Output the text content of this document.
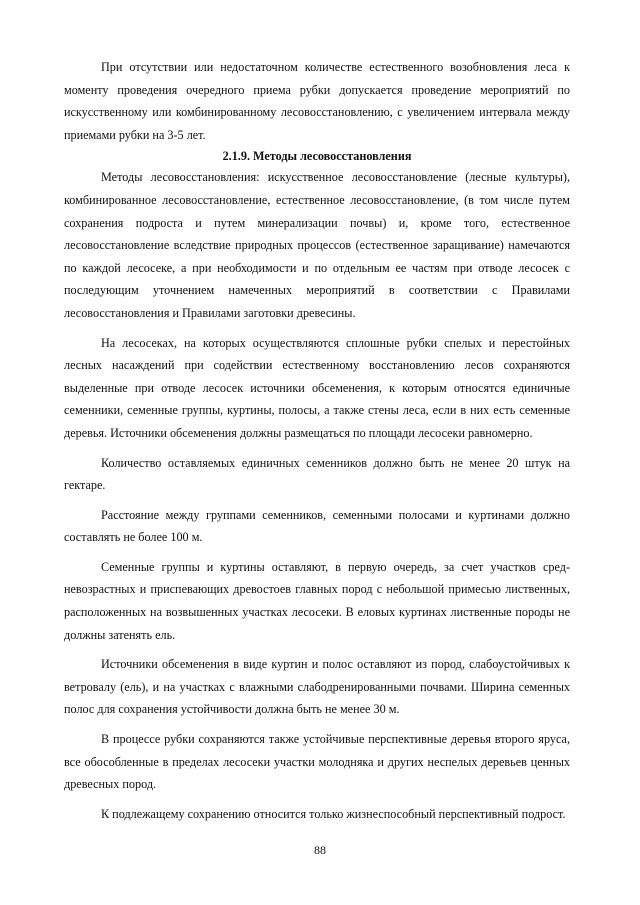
При отсутствии или недостаточном количестве естественного возобновления леса к моменту проведения очередного приема рубки допускается проведение мероприятий по искусственному или комбинированному лесовосстановлению, с увеличением интервала между приемами рубки на 3-5 лет.

2.1.9. Методы лесовосстановления

Методы лесовосстановления: искусственное лесовосстановление (лесные культуры), комбинированное лесовосстановление, естественное лесовосстановление, (в том числе путем сохранения подроста и путем минерализации почвы) и, кроме того, естественное лесовосстановление вследствие природных процессов (естественное заращивание) намечаются по каждой лесосеке, а при необходимости и по отдельным ее частям при отводе лесосек с последующим уточнением намеченных мероприятий в соответствии с Правилами лесовосстановления и Правилами заготовки древесины.

На лесосеках, на которых осуществляются сплошные рубки спелых и перестойных лесных насаждений при содействии естественному восстановлению лесов сохраняются выделенные при отводе лесосек источники обсеменения, к которым относятся единичные семенники, семенные группы, куртины, полосы, а также стены леса, если в них есть семенные деревья. Источники обсеменения должны размещаться по площади лесосеки равномерно.

Количество оставляемых единичных семенников должно быть не менее 20 штук на гектаре.

Расстояние между группами семенников, семенными полосами и куртинами должно составлять не более 100 м.

Семенные группы и куртины оставляют, в первую очередь, за счет участков средневозрастных и приспевающих древостоев главных пород с небольшой примесью лиственных, расположенных на возвышенных участках лесосеки. В еловых куртинах лиственные породы не должны затенять ель.

Источники обсеменения в виде куртин и полос оставляют из пород, слабоустойчивых к ветровалу (ель), и на участках с влажными слабодренированными почвами. Ширина семенных полос для сохранения устойчивости должна быть не менее 30 м.

В процессе рубки сохраняются также устойчивые перспективные деревья второго яруса, все обособленные в пределах лесосеки участки молодняка и других неспелых деревьев ценных древесных пород.

К подлежащему сохранению относится только жизнеспособный перспективный подрост.

88
